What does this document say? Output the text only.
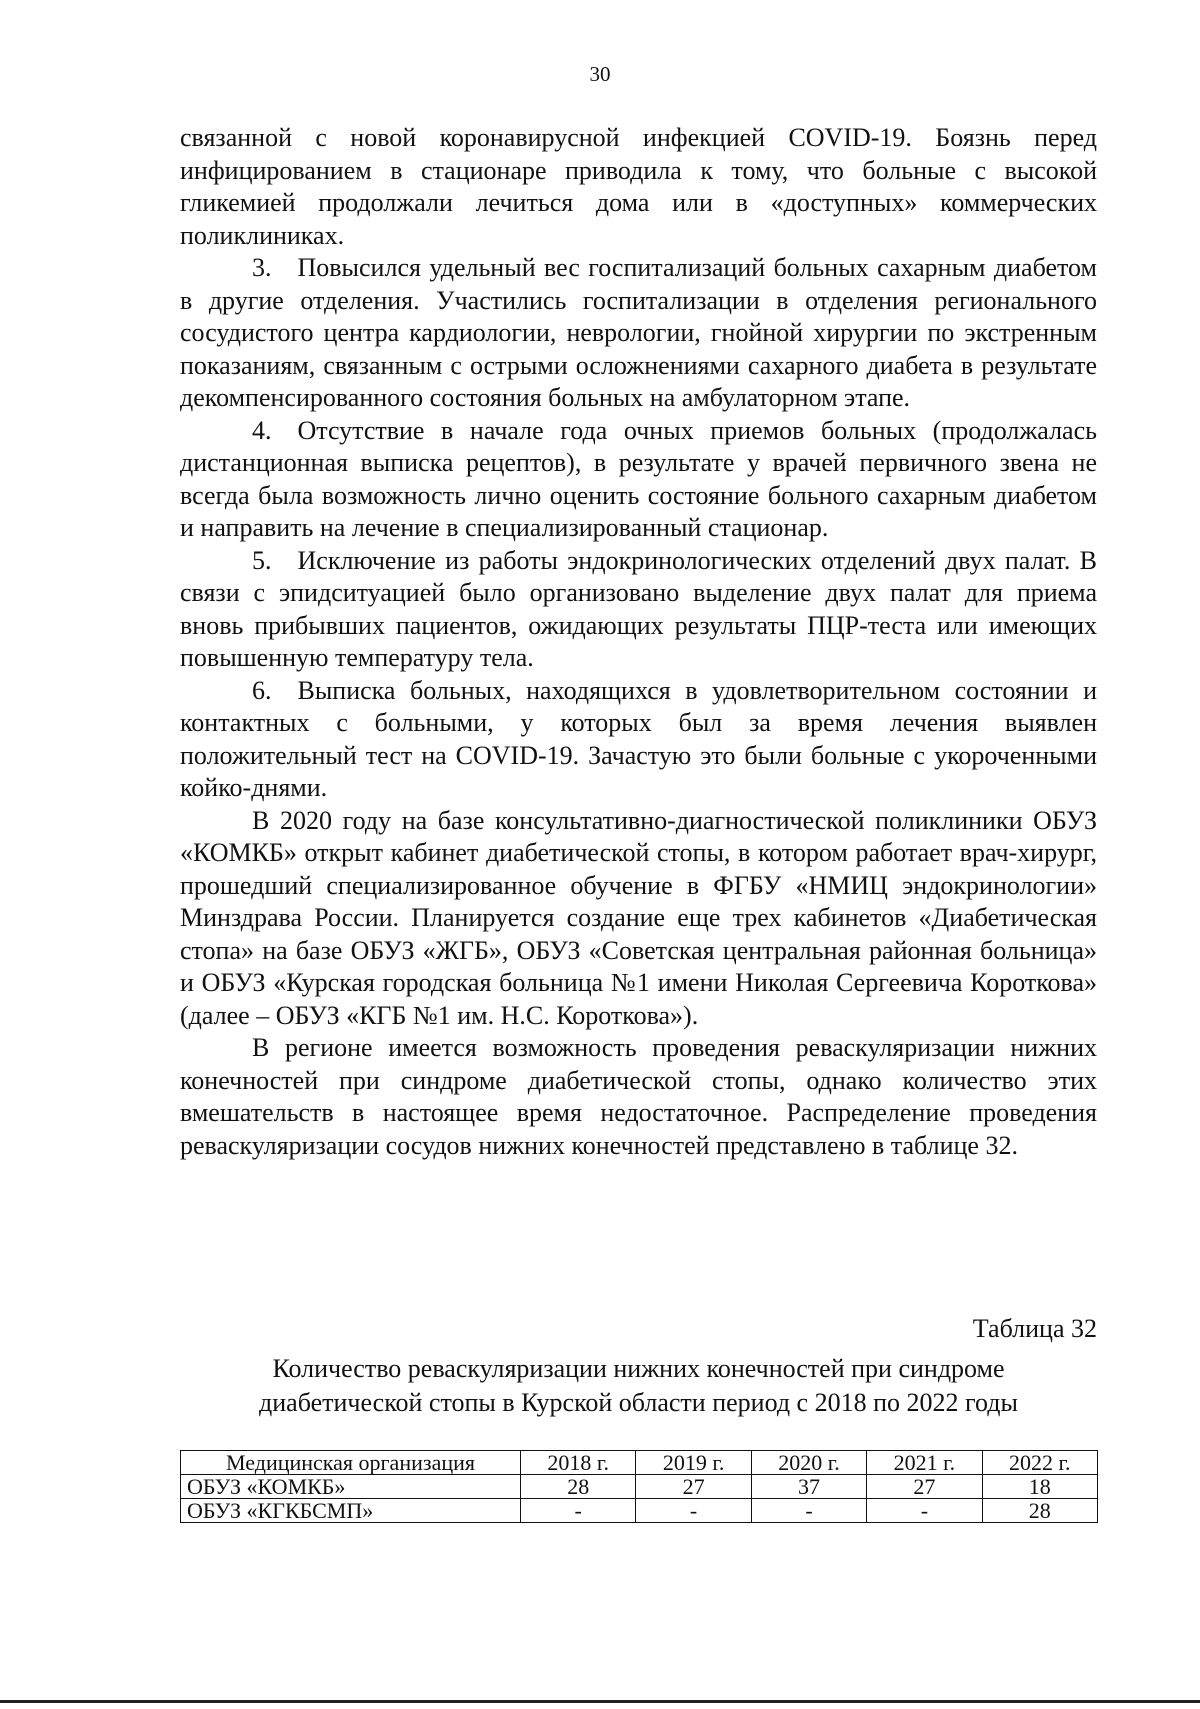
30

связанной с новой коронавирусной инфекцией COVID-19. Боязнь перед инфицированием в стационаре приводила к тому, что больные с высокой гликемией продолжали лечиться дома или в «доступных» коммерческих поликлиниках.

3. Повысился удельный вес госпитализаций больных сахарным диабетом в другие отделения. Участились госпитализации в отделения регионального сосудистого центра кардиологии, неврологии, гнойной хирургии по экстренным показаниям, связанным с острыми осложнениями сахарного диабета в результате декомпенсированного состояния больных на амбулаторном этапе.

4. Отсутствие в начале года очных приемов больных (продолжалась дистанционная выписка рецептов), в результате у врачей первичного звена не всегда была возможность лично оценить состояние больного сахарным диабетом и направить на лечение в специализированный стационар.

5. Исключение из работы эндокринологических отделений двух палат. В связи с эпидситуацией было организовано выделение двух палат для приема вновь прибывших пациентов, ожидающих результаты ПЦР-теста или имеющих повышенную температуру тела.

6. Выписка больных, находящихся в удовлетворительном состоянии и контактных с больными, у которых был за время лечения выявлен положительный тест на COVID-19. Зачастую это были больные с укороченными койко-днями.

В 2020 году на базе консультативно-диагностической поликлиники ОБУЗ «КОМКБ» открыт кабинет диабетической стопы, в котором работает врач-хирург, прошедший специализированное обучение в ФГБУ «НМИЦ эндокринологии» Минздрава России. Планируется создание еще трех кабинетов «Диабетическая стопа» на базе ОБУЗ «ЖГБ», ОБУЗ «Советская центральная районная больница» и ОБУЗ «Курская городская больница №1 имени Николая Сергеевича Короткова» (далее – ОБУЗ «КГБ №1 им. Н.С. Короткова»).

В регионе имеется возможность проведения реваскуляризации нижних конечностей при синдроме диабетической стопы, однако количество этих вмешательств в настоящее время недостаточное. Распределение проведения реваскуляризации сосудов нижних конечностей представлено в таблице 32.

Таблица 32
Количество реваскуляризации нижних конечностей при синдроме
диабетической стопы в Курской области период с 2018 по 2022 годы
Медицинская организация	2018 г.	2019 г.	2020 г.	2021 г.	2022 г.
ОБУЗ «КОМКБ»	28	27	37	27	18
ОБУЗ «КГКБСМП»	-	-	-	-	28
